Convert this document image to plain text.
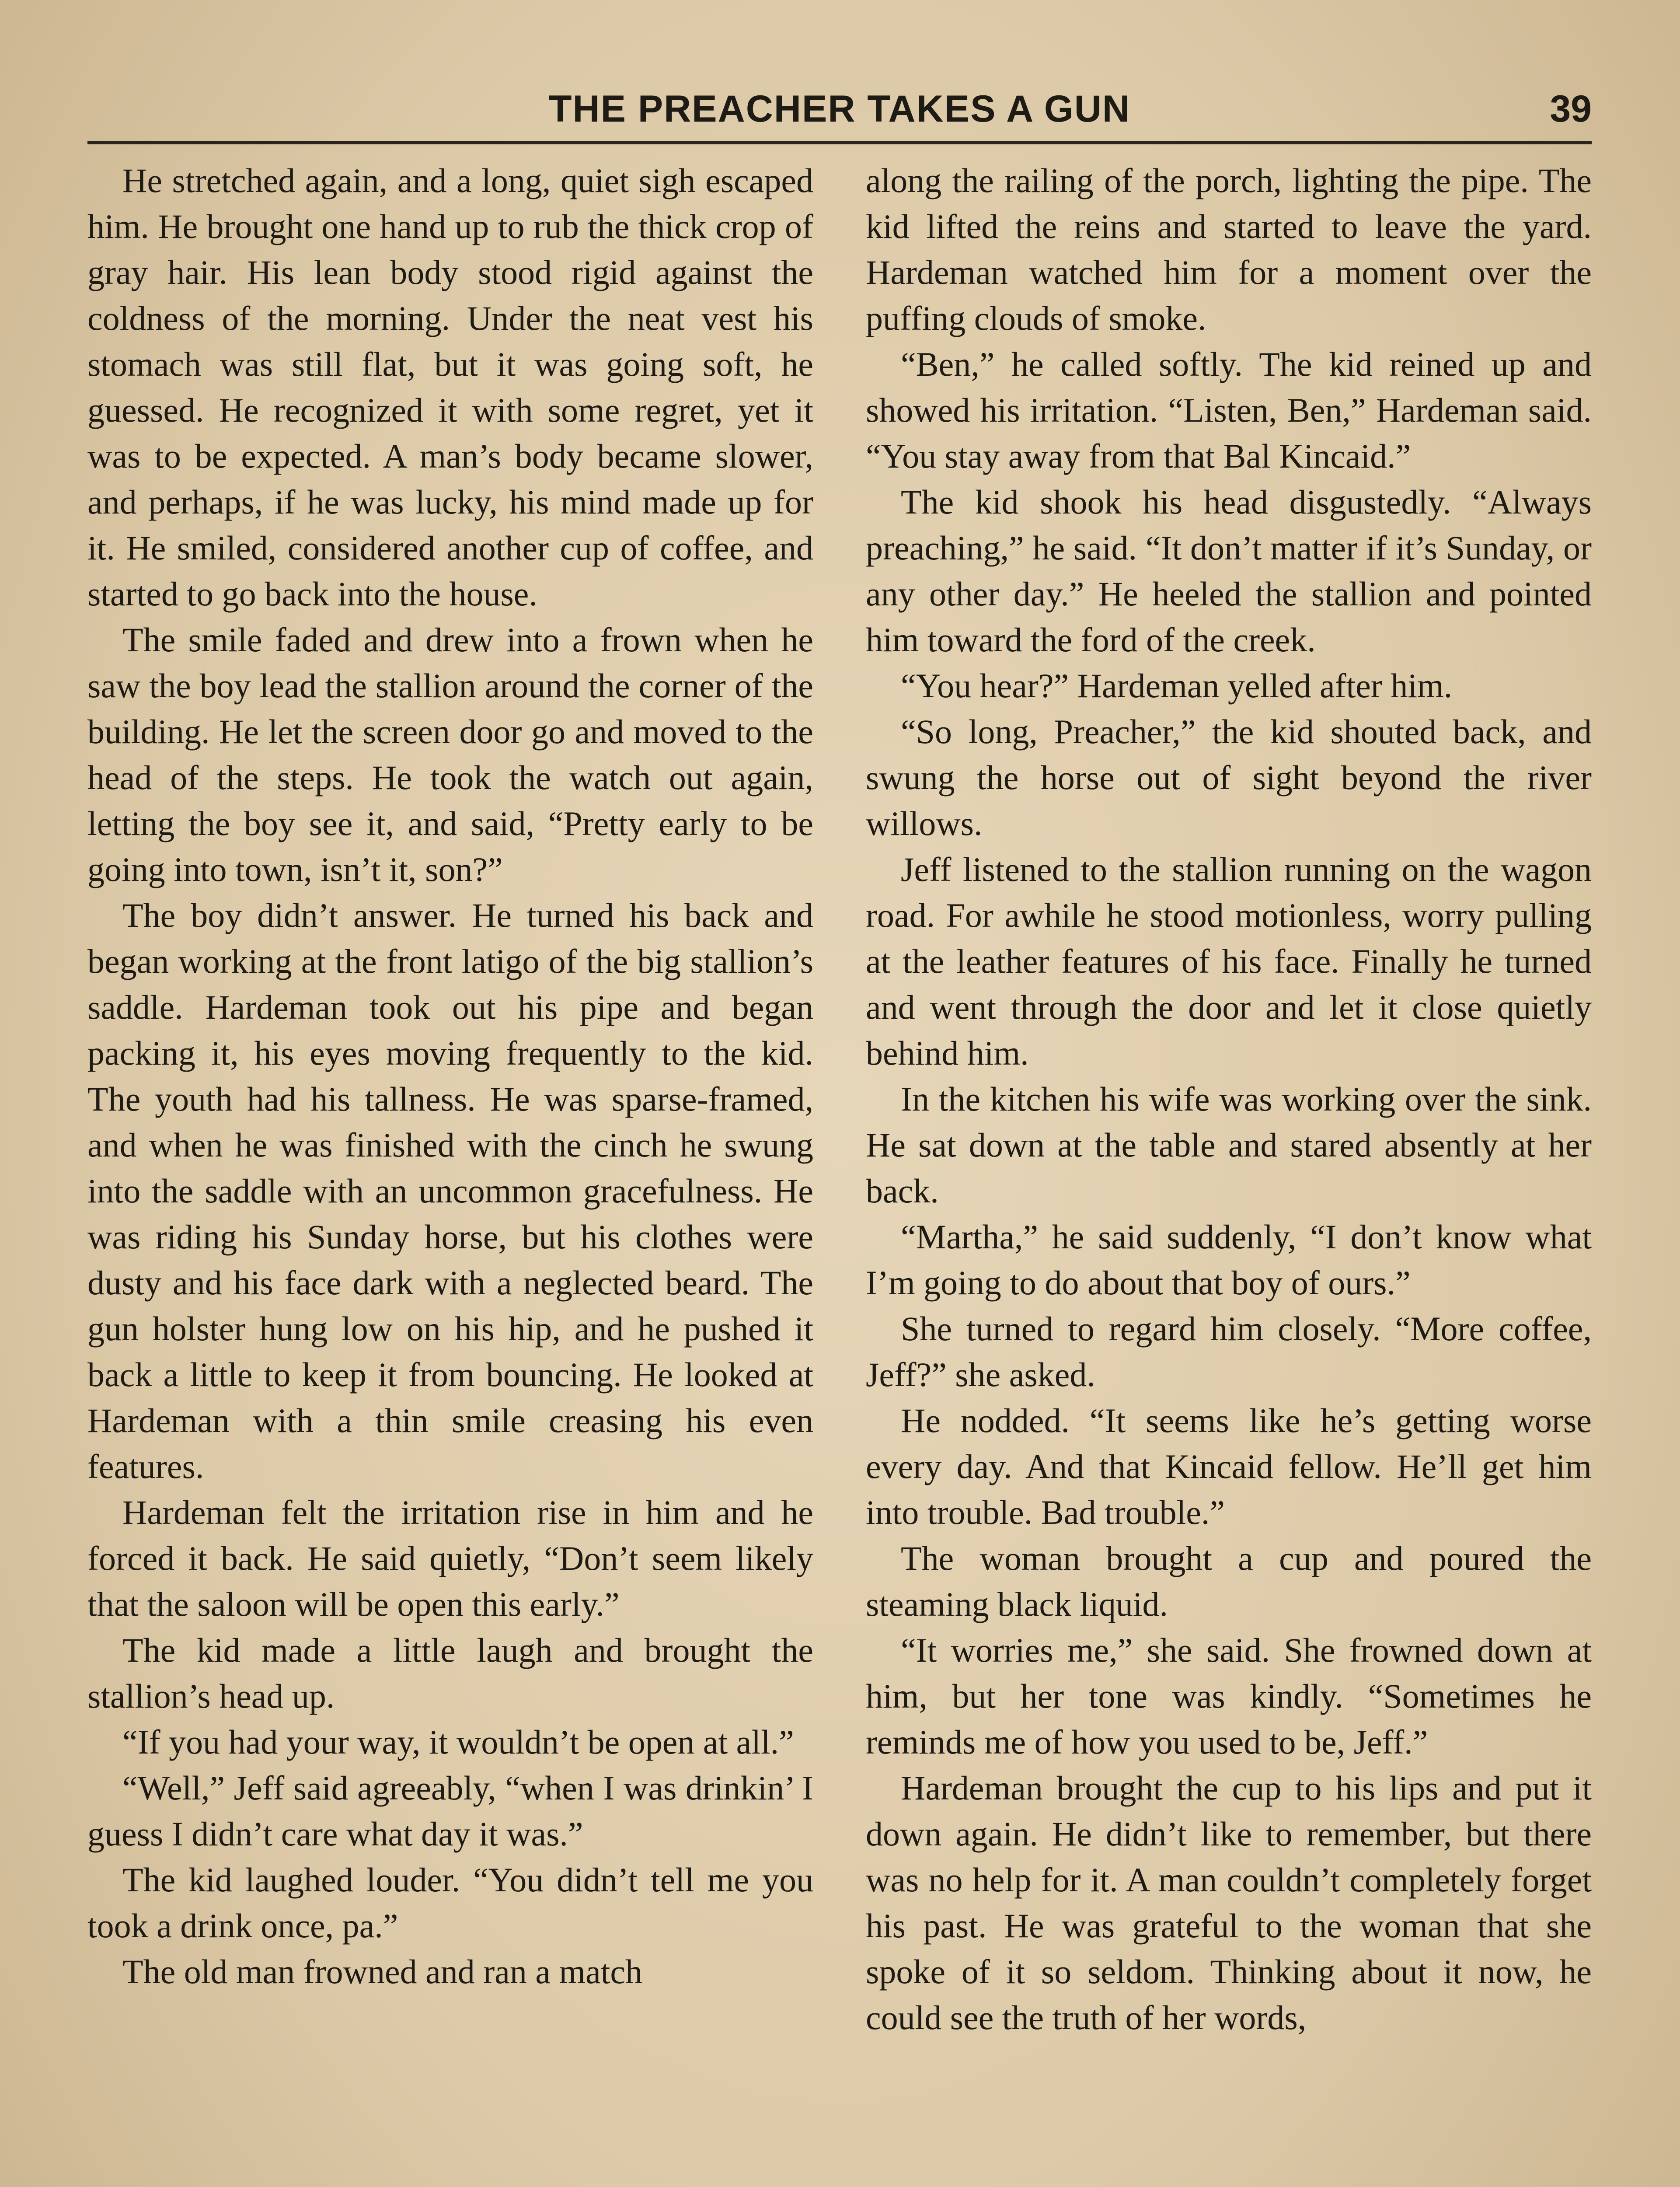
THE PREACHER TAKES A GUN	39

He stretched again, and a long, quiet sigh escaped him. He brought one hand up to rub the thick crop of gray hair. His lean body stood rigid against the coldness of the morning. Under the neat vest his stomach was still flat, but it was going soft, he guessed. He recognized it with some regret, yet it was to be expected. A man’s body became slower, and perhaps, if he was lucky, his mind made up for it. He smiled, considered another cup of coffee, and started to go back into the house.

The smile faded and drew into a frown when he saw the boy lead the stallion around the corner of the building. He let the screen door go and moved to the head of the steps. He took the watch out again, letting the boy see it, and said, “Pretty early to be going into town, isn’t it, son?”

The boy didn’t answer. He turned his back and began working at the front latigo of the big stallion’s saddle. Hardeman took out his pipe and began packing it, his eyes moving frequently to the kid. The youth had his tallness. He was sparse-framed, and when he was finished with the cinch he swung into the saddle with an uncommon gracefulness. He was riding his Sunday horse, but his clothes were dusty and his face dark with a neglected beard. The gun holster hung low on his hip, and he pushed it back a little to keep it from bouncing. He looked at Hardeman with a thin smile creasing his even features.

Hardeman felt the irritation rise in him and he forced it back. He said quietly, “Don’t seem likely that the saloon will be open this early.”

The kid made a little laugh and brought the stallion’s head up.

“If you had your way, it wouldn’t be open at all.”

“Well,” Jeff said agreeably, “when I was drinkin’ I guess I didn’t care what day it was.”

The kid laughed louder. “You didn’t tell me you took a drink once, pa.”

The old man frowned and ran a match

along the railing of the porch, lighting the pipe. The kid lifted the reins and started to leave the yard. Hardeman watched him for a moment over the puffing clouds of smoke.

“Ben,” he called softly. The kid reined up and showed his irritation. “Listen, Ben,” Hardeman said. “You stay away from that Bal Kincaid.”

The kid shook his head disgustedly. “Always preaching,” he said. “It don’t matter if it’s Sunday, or any other day.” He heeled the stallion and pointed him toward the ford of the creek.

“You hear?” Hardeman yelled after him.

“So long, Preacher,” the kid shouted back, and swung the horse out of sight beyond the river willows.

Jeff listened to the stallion running on the wagon road. For awhile he stood motionless, worry pulling at the leather features of his face. Finally he turned and went through the door and let it close quietly behind him.

In the kitchen his wife was working over the sink. He sat down at the table and stared absently at her back.

“Martha,” he said suddenly, “I don’t know what I’m going to do about that boy of ours.”

She turned to regard him closely. “More coffee, Jeff?” she asked.

He nodded. “It seems like he’s getting worse every day. And that Kincaid fellow. He’ll get him into trouble. Bad trouble.”

The woman brought a cup and poured the steaming black liquid.

“It worries me,” she said. She frowned down at him, but her tone was kindly. “Sometimes he reminds me of how you used to be, Jeff.”

Hardeman brought the cup to his lips and put it down again. He didn’t like to remember, but there was no help for it. A man couldn’t completely forget his past. He was grateful to the woman that she spoke of it so seldom. Thinking about it now, he could see the truth of her words,
